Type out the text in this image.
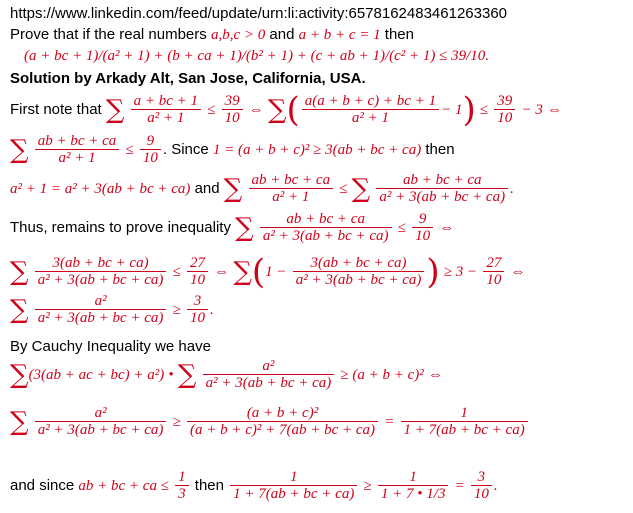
https://www.linkedin.com/feed/update/urn:li:activity:6578162483461263360
Prove that if the real numbers a,b,c > 0 and a + b + c = 1 then
(a + bc + 1)/(a² + 1) + (b + ca + 1)/(b² + 1) + (c + ab + 1)/(c² + 1) ≤ 39/10.
Solution by Arkady Alt, San Jose, California, USA.
First note that ∑ $\frac{a + bc + 1}{\text{a² + 1}} \le \frac{39}{10}$ ⇔ ∑( $\frac{a(a + b + c) + bc + 1}{\text{a² + 1}} - 1) \le \frac{39}{10} - 3$ ⇔
∑ $\frac{ab + bc + ca}{\text{a² + 1}} \le \frac{9}{10}$ . Since 1 = (a + b + c)² ≥ 3(ab + bc + ca) then
a² + 1 = a² + 3(ab + bc + ca) and ∑ $\frac{ab + bc + ca}{\text{a² + 1}}$ ≤ ∑ $\frac{ab + bc + ca}{\text{a² + 3(ab + bc + ca)}}$ .
Thus, remains to prove inequality ∑ $\frac{ab + bc + ca}{\text{a² + 3(ab + bc + ca)}} \le \frac{9}{10}$ ⇔
∑ $\frac{3(ab + bc + ca)}{\text{a² + 3(ab + bc + ca)}} \le \frac{27}{10}$ ⇔ $\sum(1 - \frac{3(ab + bc + ca)}{\text{a² + 3(ab + bc + ca)}}$ ) ≥ $3 - \frac{27}{10}$ ⇔
∑ $\frac{\text{a²}}{\text{a² + 3(ab + bc + ca)}} \ge \frac{3}{10}$ .
By Cauchy Inequality we have
∑(3(ab + ac + bc) + a²) • ∑ $\frac{\text{a²}}{\text{a² + 3(ab + bc + ca)}} \ge (a + b + c)^2$ ⇔
∑ $\frac{\text{a²}}{\text{a² + 3(ab + bc + ca)}} \ge \frac{\text{(a + b + c)²}}{\text{(a + b + c)² + 7(ab + bc + ca)}} = \frac{1}{1 + 7(ab + bc + ca)}$
and since ab + bc + ca ≤ $\frac{1}{3}$ then $\frac{1}{1 + 7(ab + bc + ca)} \ge \frac{1}{1 + 7 • 1/3} = \frac{3}{10}$ .
